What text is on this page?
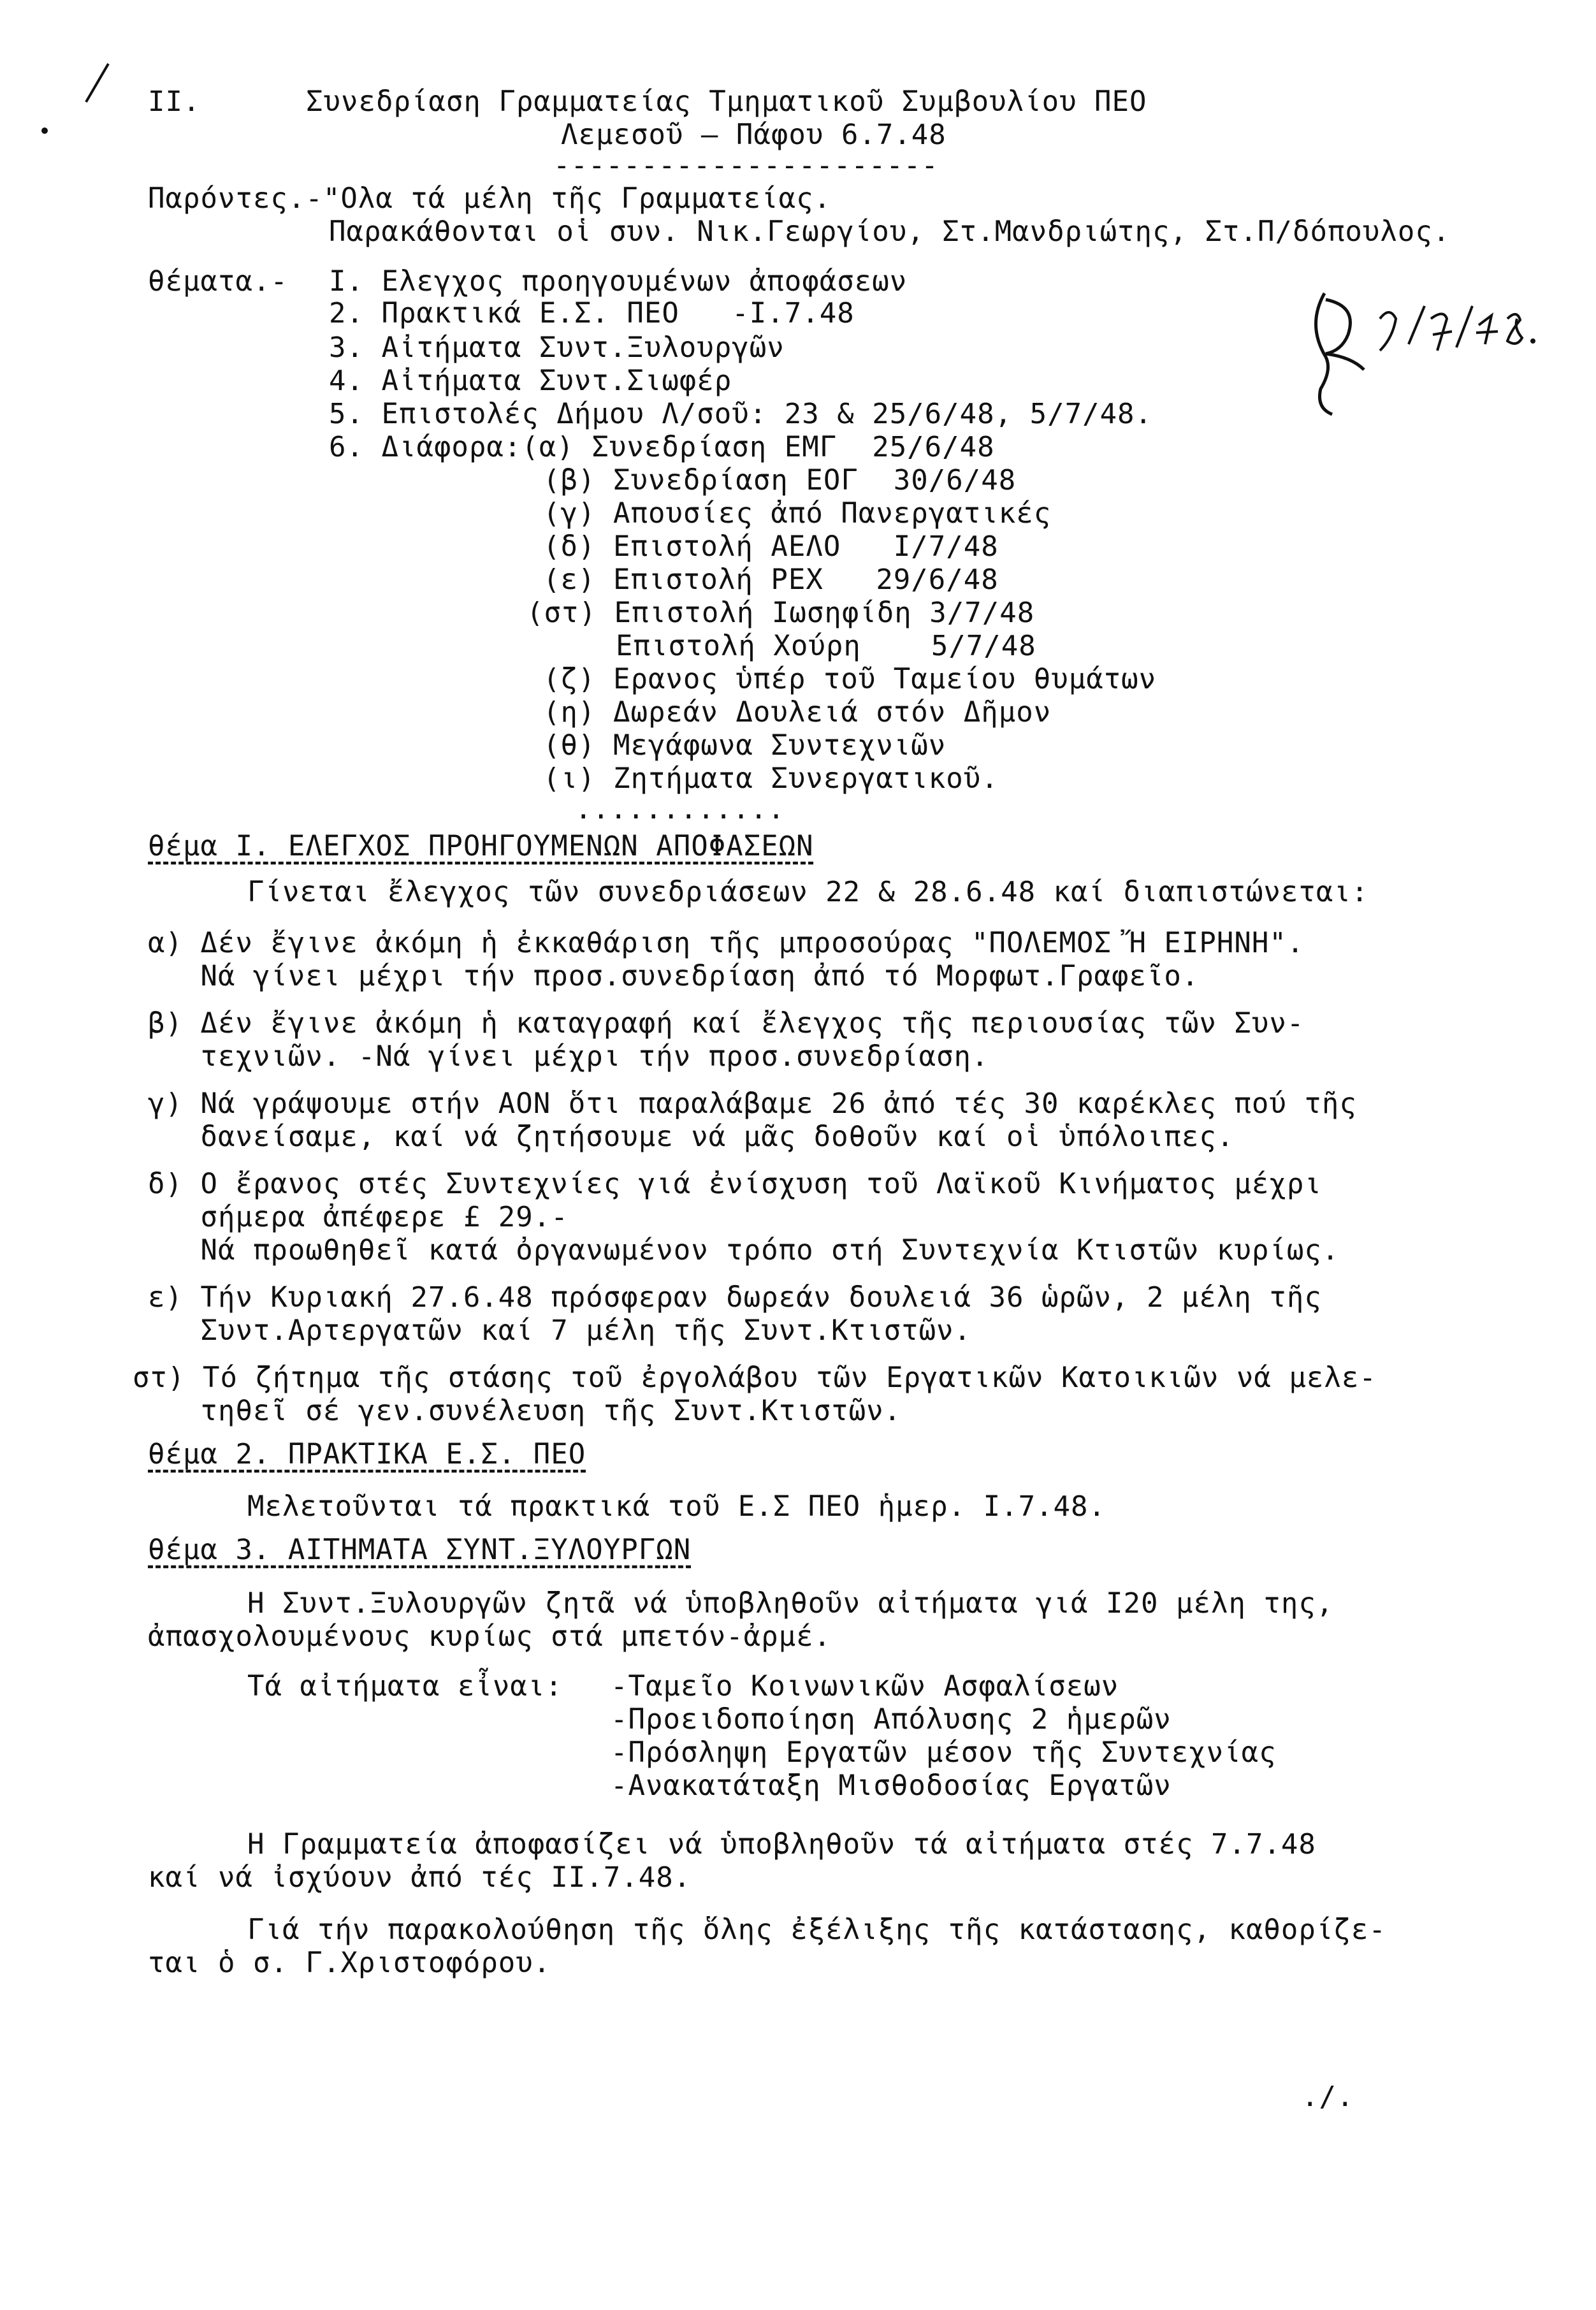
II.	Συνεδρίαση Γραμματείας Τμηματικοῦ Συμβουλίου ΠΕΟ
Λεμεσοῦ — Πάφου 6.7.48
----------------------
Παρόντες.-"Ολα τά μέλη τῆς Γραμματείας.
Παρακάθονται οἱ συν. Νικ.Γεωργίου, Στ.Μανδριώτης, Στ.Π/δόπουλος.
θέματα.- Ι. Ελεγχος προηγουμένων ἀποφάσεων
2. Πρακτικά Ε.Σ. ΠΕΟ   -Ι.7.48
3. Αἰτήματα Συντ.Ξυλουργῶν
4. Αἰτήματα Συντ.Σιωφέρ
5. Επιστολές Δήμου Λ/σοῦ: 23 & 25/6/48, 5/7/48.
6. Διάφορα:(α) Συνεδρίαση ΕΜΓ  25/6/48
(β) Συνεδρίαση ΕΟΓ  30/6/48
(γ) Απουσίες ἀπό Πανεργατικές
(δ) Επιστολή ΑΕΛΟ   Ι/7/48
(ε) Επιστολή ΡΕΧ   29/6/48
(στ) Επιστολή Ιωσηφίδη 3/7/48
Επιστολή Χούρη    5/7/48
(ζ) Ερανος ὑπέρ τοῦ Ταμείου θυμάτων
(η) Δωρεάν Δουλειά στόν Δῆμον
(θ) Μεγάφωνα Συντεχνιῶν
(ι) Ζητήματα Συνεργατικοῦ.
............
θέμα Ι. ΕΛΕΓΧΟΣ ΠΡΟΗΓΟΥΜΕΝΩΝ ΑΠΟΦΑΣΕΩΝ
Γίνεται ἔλεγχος τῶν συνεδριάσεων 22 & 28.6.48 καί διαπιστώνεται:
α) Δέν ἔγινε ἀκόμη ἡ ἐκκαθάριση τῆς μπροσούρας "ΠΟΛΕΜΟΣ Ἤ ΕΙΡΗΝΗ".
Νά γίνει μέχρι τήν προσ.συνεδρίαση ἀπό τό Μορφωτ.Γραφεῖο.
β) Δέν ἔγινε ἀκόμη ἡ καταγραφή καί ἔλεγχος τῆς περιουσίας τῶν Συν-
τεχνιῶν. -Νά γίνει μέχρι τήν προσ.συνεδρίαση.
γ) Νά γράψουμε στήν ΑΟΝ ὅτι παραλάβαμε 26 ἀπό τές 30 καρέκλες πού τῆς
δανείσαμε, καί νά ζητήσουμε νά μᾶς δοθοῦν καί οἱ ὑπόλοιπες.
δ) Ο ἔρανος στές Συντεχνίες γιά ἐνίσχυση τοῦ Λαϊκοῦ Κινήματος μέχρι
σήμερα ἀπέφερε £ 29.-
Νά προωθηθεῖ κατά ὀργανωμένον τρόπο στή Συντεχνία Κτιστῶν κυρίως.
ε) Τήν Κυριακή 27.6.48 πρόσφεραν δωρεάν δουλειά 36 ὡρῶν, 2 μέλη τῆς
Συντ.Αρτεργατῶν καί 7 μέλη τῆς Συντ.Κτιστῶν.
στ) Τό ζήτημα τῆς στάσης τοῦ ἐργολάβου τῶν Εργατικῶν Κατοικιῶν νά μελε-
τηθεῖ σέ γεν.συνέλευση τῆς Συντ.Κτιστῶν.
θέμα 2. ΠΡΑΚΤΙΚΑ Ε.Σ. ΠΕΟ
Μελετοῦνται τά πρακτικά τοῦ Ε.Σ ΠΕΟ ἡμερ. Ι.7.48.
θέμα 3. ΑΙΤΗΜΑΤΑ ΣΥΝΤ.ΞΥΛΟΥΡΓΩΝ
Η Συντ.Ξυλουργῶν ζητᾶ νά ὑποβληθοῦν αἰτήματα γιά Ι20 μέλη της,
ἀπασχολουμένους κυρίως στά μπετόν-ἀρμέ.
Τά αἰτήματα εἶναι: -Ταμεῖο Κοινωνικῶν Ασφαλίσεων
-Προειδοποίηση Απόλυσης 2 ἡμερῶν
-Πρόσληψη Εργατῶν μέσον τῆς Συντεχνίας
-Ανακατάταξη Μισθοδοσίας Εργατῶν
Η Γραμματεία ἀποφασίζει νά ὑποβληθοῦν τά αἰτήματα στές 7.7.48
καί νά ἰσχύουν ἀπό τές ΙΙ.7.48.
Γιά τήν παρακολούθηση τῆς ὅλης ἐξέλιξης τῆς κατάστασης, καθορίζε-
ται ὁ σ. Γ.Χριστοφόρου.
./.
